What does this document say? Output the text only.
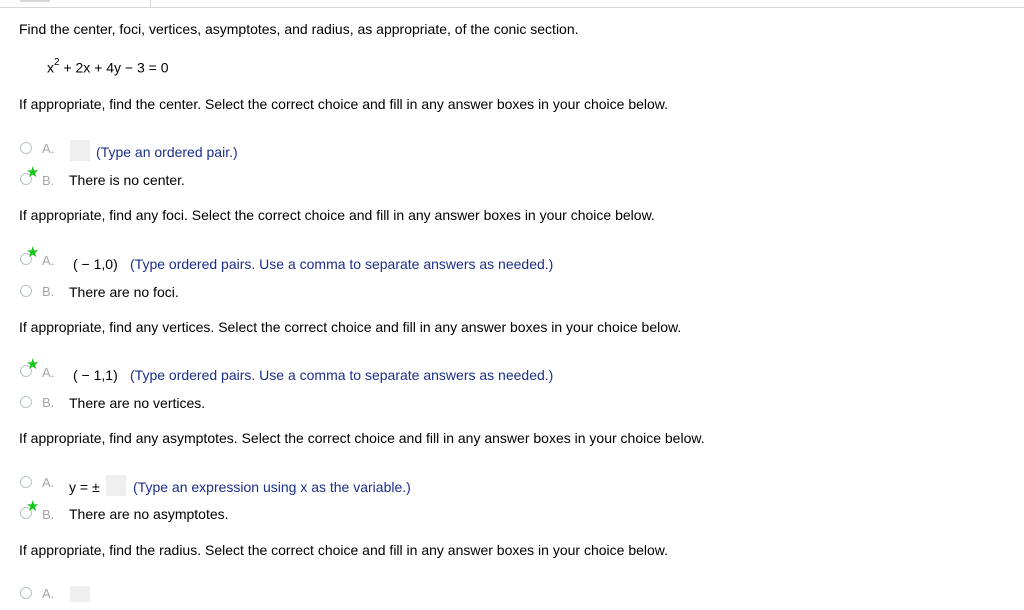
Find the center, foci, vertices, asymptotes, and radius, as appropriate, of the conic section.
$x^2 + 2x + 4y - 3 = 0$
If appropriate, find the center. Select the correct choice and fill in any answer boxes in your choice below.
A.	(Type an ordered pair.)
★ B. There is no center.
If appropriate, find any foci. Select the correct choice and fill in any answer boxes in your choice below.
★ A. ( − 1,0) (Type ordered pairs. Use a comma to separate answers as needed.)
B. There are no foci.
If appropriate, find any vertices. Select the correct choice and fill in any answer boxes in your choice below.
★ A. ( − 1,1) (Type ordered pairs. Use a comma to separate answers as needed.)
B. There are no vertices.
If appropriate, find any asymptotes. Select the correct choice and fill in any answer boxes in your choice below.
A. y = ± (Type an expression using x as the variable.)
★ B. There are no asymptotes.
If appropriate, find the radius. Select the correct choice and fill in any answer boxes in your choice below.
A.
